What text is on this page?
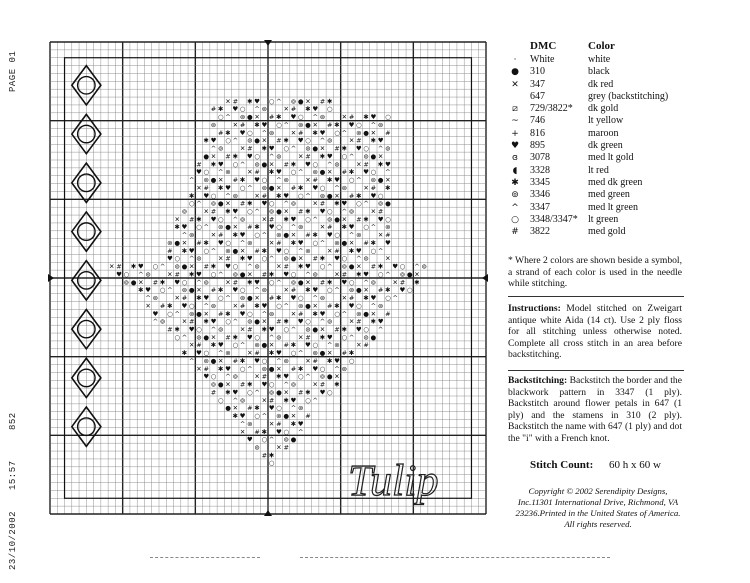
PAGE 01
23/10/2002
15:57
852
✕ # ✱ ♥ ○ ^ ⊚ ● ✕ # ✱
# ✱ ♥ ○ ^ ⊚	✕ # ✱ ♥ ○
○ ^ ⊚ ● ✕ # ✱ ♥ ○ ^ ⊚	✕ # ✱ ♥ ○
⊚	✕ # ✱ ♥ ○ ^ ⊚ ● ✕ # ✱ ♥ ○ ^ ⊚
# ✱ ♥ ○ ^ ⊚	✕ # ✱ ♥ ○ ^ ⊚ ● ✕ #
✱ ♥ ○ ^ ⊚ ● ✕ # ✱ ♥ ○ ^ ⊚	✕ # ✱ ♥
^ ⊚	✕ # ✱ ♥ ○ ^ ⊚ ● ✕ # ✱ ♥ ○ ^ ⊚
● ✕ # ✱ ♥ ○ ^ ⊚	✕ # ✱ ♥ ○ ^ ⊚ ● ✕
# ✱ ♥ ○ ^ ⊚ ● ✕ # ✱ ♥ ○ ^ ⊚	✕ # ✱ ♥
♥ ○ ^ ⊚	✕ # ✱ ♥ ○ ^ ⊚ ● ✕ # ✱ ♥ ○ ^
^ ⊚ ● ✕ # ✱ ♥ ○ ^ ⊚	✕ # ✱ ♥ ○ ^ ⊚ ● ✕
✕ # ✱ ♥ ○ ^ ⊚ ● ✕ # ✱ ♥ ○ ^ ⊚	✕ # ✱
✱ ♥ ○ ^ ⊚	✕ # ✱ ♥ ○ ^ ⊚ ● ✕ # ✱ ♥ ○
○ ^ ⊚ ● ✕ # ✱ ♥ ○ ^ ⊚	✕ # ✱ ♥ ○ ^ ⊚ ●
⊚	✕ # ✱ ♥ ○ ^ ⊚ ● ✕ # ✱ ♥ ○ ^ ⊚	✕ #
✕ # ✱ ♥ ○ ^ ⊚	✕ # ✱ ♥ ○ ^ ⊚ ● ✕ # ✱ ♥ ○
✱ ♥ ○ ^ ⊚ ● ✕ # ✱ ♥ ○ ^ ⊚	✕ # ✱ ♥ ○ ^ ⊚
^ ⊚	✕ # ✱ ♥ ○ ^ ⊚ ● ✕ # ✱ ♥ ○ ^ ⊚	✕ #
⊚ ● ✕ # ✱ ♥ ○ ^ ⊚	✕ # ✱ ♥ ○ ^ ⊚ ● ✕ # ✱ ♥
# ✱ ♥ ○ ^ ⊚ ● ✕ # ✱ ♥ ○ ^ ⊚	✕ # ✱ ♥ ○ ^
♥ ○ ^ ⊚	✕ # ✱ ♥ ○ ^ ⊚ ● ✕ # ✱ ♥ ○ ^ ⊚	✕
✕ # ✱ ♥ ○ ^ ⊚ ● ✕ # ✱ ♥ ○ ^ ⊚	✕ # ✱ ♥ ○ ^ ⊚ ● ✕ # ✱ ♥ ○ ^ ⊚
♥ ○ ^ ⊚	✕ # ✱ ♥ ○ ^ ⊚ ● ✕ # ✱ ♥ ○ ^ ⊚	✕ # ✱ ♥ ○ ^ ⊚ ● ✕
⊚ ● ✕ # ✱ ♥ ○ ^ ⊚	✕ # ✱ ♥ ○ ^ ⊚ ● ✕ # ✱ ♥ ○ ^ ⊚	✕ # ✱
✱ ♥ ○ ^ ⊚ ● ✕ # ✱ ♥ ○ ^ ⊚	✕ # ✱ ♥ ○ ^ ⊚ ● ✕ # ✱ ♥ ○
^ ⊚	✕ # ✱ ♥ ○ ^ ⊚ ● ✕ # ✱ ♥ ○ ^ ⊚	✕ # ✱ ♥ ○ ^
✕ # ✱ ♥ ○ ^ ⊚	✕ # ✱ ♥ ○ ^ ⊚ ● ✕ # ✱ ♥ ○ ^ ⊚
♥ ○ ^ ⊚ ● ✕ # ✱ ♥ ○ ^ ⊚	✕ # ✱ ♥ ○ ^ ⊚ ● ✕ #
^ ⊚	✕ # ✱ ♥ ○ ^ ⊚ ● ✕ # ✱ ♥ ○ ^ ⊚	✕ # ✱ ♥
# ✱ ♥ ○ ^ ⊚	✕ # ✱ ♥ ○ ^ ⊚ ● ✕ # ✱ ♥ ○ ^
○ ^ ⊚ ● ✕ # ✱ ♥ ○ ^ ⊚	✕ # ✱ ♥ ○ ^ ⊚ ●
✕ # ✱ ♥ ○ ^ ⊚ ● ✕ # ✱ ♥ ○ ^ ⊚	✕ #
✱ ♥ ○ ^ ⊚	✕ # ✱ ♥ ○ ^ ⊚ ● ✕ # ✱
^ ⊚ ● ✕ # ✱ ♥ ○ ^ ⊚	✕ # ✱ ♥ ○
✕ # ✱ ♥ ○ ^ ⊚ ● ✕ # ✱ ♥ ○ ^ ⊚
♥ ○ ^ ⊚	✕ # ✱ ♥ ○ ^ ⊚ ● ✕
⊚ ● ✕ # ✱ ♥ ○ ^ ⊚	✕ # ✱
# ✱ ♥ ○ ^ ⊚ ● ✕ # ✱ ♥ ○
○ ^ ⊚	✕ # ✱ ♥ ○ ^
● ✕ # ✱ ♥ ○ ^ ⊚
✱ ♥ ○ ^ ⊚ ● ✕ #
^ ⊚	✕ # ✱ ♥
✕ # ✱ ♥ ○ ^
♥ ○ ^ ⊚ ●
⊚	✕ #
# ✱
○ Tulip
DMC	Color
·	White	white
●	310	black
✕	347	dk red
647	grey (backstitching)
⧄	729/3822* dk gold
~	746	lt yellow
+	816	maroon
♥ 895	dk green
ɞ	3078	med lt gold
◖	3328	lt red
✱	3345	med dk green
⊚	3346	med green
^	3347	med lt green
○	3348/3347* lt green
#	3822	med gold
* Where 2 colors are shown beside a symbol, a strand of each color is used in the needle while stitching.
Instructions: Model stitched on Zweigart antique white Aida (14 ct). Use 2 ply floss for all stitching unless otherwise noted. Complete all cross stitch in an area before backstitching.
Backstitching: Backstitch the border and the blackwork pattern in 3347 (1 ply). Backstitch around flower petals in 647 (1 ply) and the stamens in 310 (2 ply). Backstitch the name with 647 (1 ply) and dot the "i" with a French knot.
Stitch Count: 60 h x 60 w
Copyright © 2002 Serendipity Designs,
Inc.11301 International Drive, Richmond, VA
23236.Printed in the United States of America.
All rights reserved.
